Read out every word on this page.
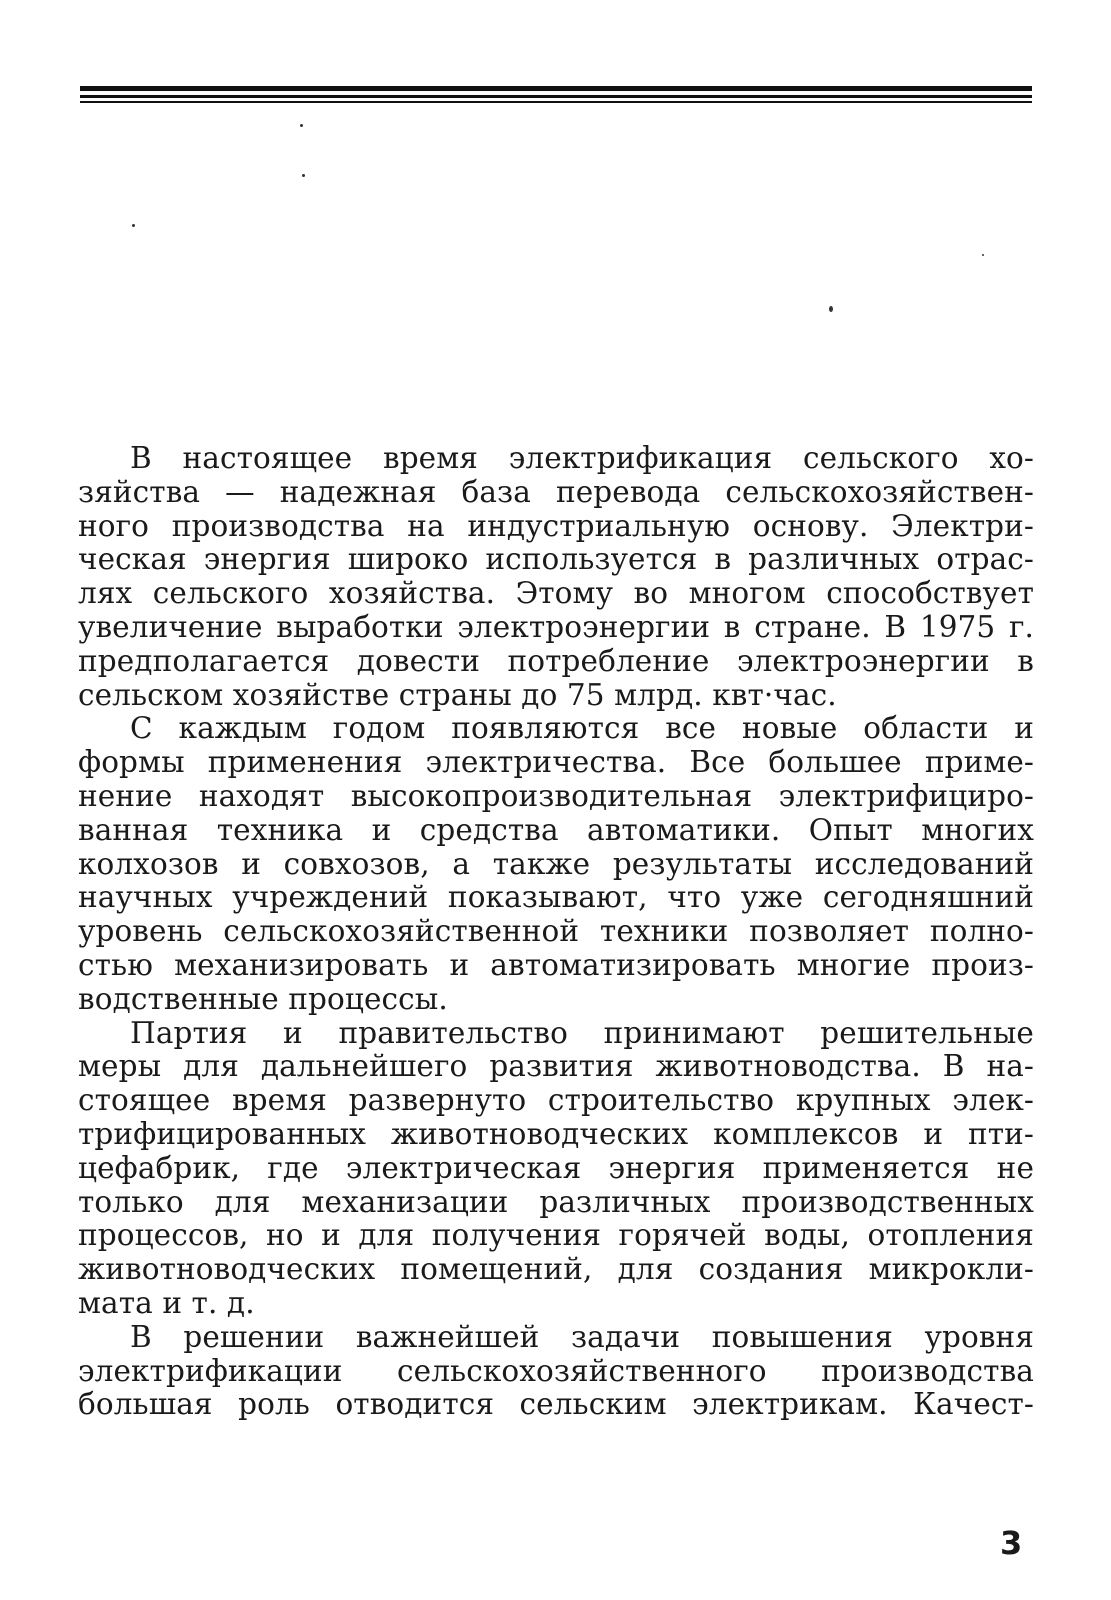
В настоящее время электрификация сельского хо-
зяйства — надежная база перевода сельскохозяйствен-
ного производства на индустриальную основу. Электри-
ческая энергия широко используется в различных отрас-
лях сельского хозяйства. Этому во многом способствует
увеличение выработки электроэнергии в стране. В 1975 г.
предполагается довести потребление электроэнергии в
сельском хозяйстве страны до 75 млрд. квт·час.
С каждым годом появляются все новые области и
формы применения электричества. Все большее приме-
нение находят высокопроизводительная электрифициро-
ванная техника и средства автоматики. Опыт многих
колхозов и совхозов, а также результаты исследований
научных учреждений показывают, что уже сегодняшний
уровень сельскохозяйственной техники позволяет полно-
стью механизировать и автоматизировать многие произ-
водственные процессы.
Партия и правительство принимают решительные
меры для дальнейшего развития животноводства. В на-
стоящее время развернуто строительство крупных элек-
трифицированных животноводческих комплексов и пти-
цефабрик, где электрическая энергия применяется не
только для механизации различных производственных
процессов, но и для получения горячей воды, отопления
животноводческих помещений, для создания микрокли-
мата и т. д.
В решении важнейшей задачи повышения уровня
электрификации сельскохозяйственного производства
большая роль отводится сельским электрикам. Качест-
3
